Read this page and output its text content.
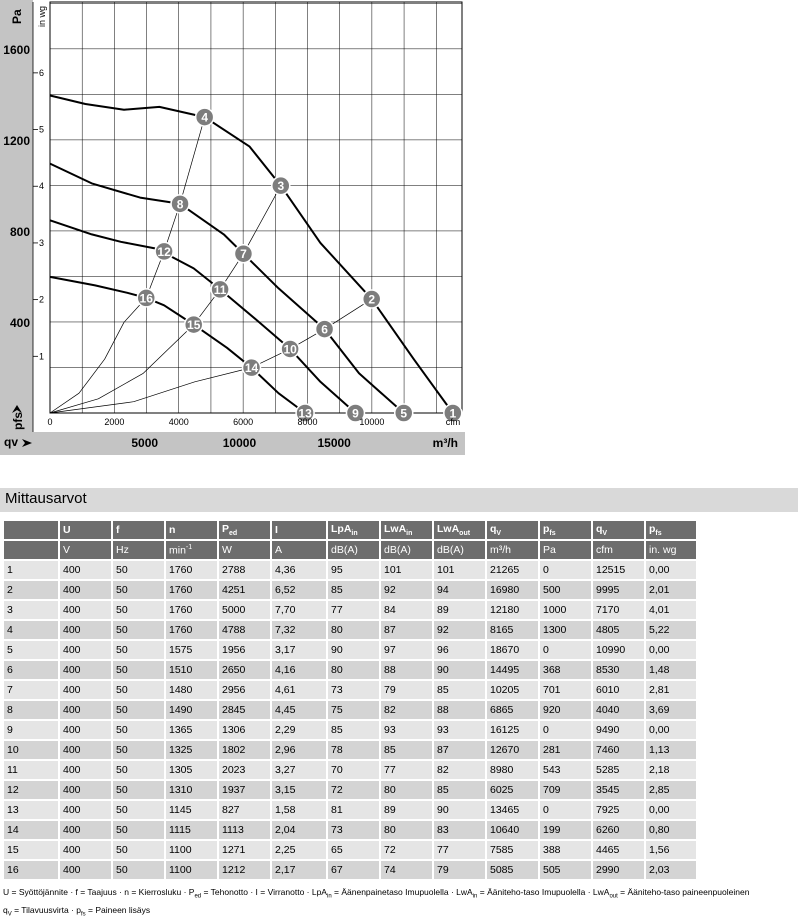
1
2
3
4
5
6
7
8
9
10
11
12
13
14
15
16
400
800
1200
1600
1
2
3
4
5
6
0	2000	4000	6000	8000	10000	cfm
5000	10000	15000	m³/h
Pa in wg
pfs
qv
Mittausarvot
	U	f	n	$P_{ed}$	I	LpA$_{in}$	LwA$_{in}$	LwA$_{out}$	$q_V$	$p_{fs}$	$q_V$	$p_{fs}$
	V	Hz	$\min^{-1}$	W	A	dB(A)	dB(A)	dB(A)	m³/h	Pa	cfm	in. wg
1	400	50	1760	2788	4,36	95	101	101	21265	0	12515	0,00
2	400	50	1760	4251	6,52	85	92	94	16980	500	9995	2,01
3	400	50	1760	5000	7,70	77	84	89	12180	1000	7170	4,01
4	400	50	1760	4788	7,32	80	87	92	8165	1300	4805	5,22
5	400	50	1575	1956	3,17	90	97	96	18670	0	10990	0,00
6	400	50	1510	2650	4,16	80	88	90	14495	368	8530	1,48
7	400	50	1480	2956	4,61	73	79	85	10205	701	6010	2,81
8	400	50	1490	2845	4,45	75	82	88	6865	920	4040	3,69
9	400	50	1365	1306	2,29	85	93	93	16125	0	9490	0,00
10	400	50	1325	1802	2,96	78	85	87	12670	281	7460	1,13
11	400	50	1305	2023	3,27	70	77	82	8980	543	5285	2,18
12	400	50	1310	1937	3,15	72	80	85	6025	709	3545	2,85
13	400	50	1145	827	1,58	81	89	90	13465	0	7925	0,00
14	400	50	1115	1113	2,04	73	80	83	10640	199	6260	0,80
15	400	50	1100	1271	2,25	65	72	77	7585	388	4465	1,56
16	400	50	1100	1212	2,17	67	74	79	5085	505	2990	2,03
U = Syöttöjännite · f = Taajuus · n = Kierrosluku · $P_{ed}$ = Tehonotto · I = Virranotto · LpA$_{in}$ = Äänenpainetaso Imupuolella · LwA$_{in}$ = Ääniteho-taso Imupuolella · LwA$_{out}$ = Ääniteho-taso paineenpuoleinen
$q_V$ = Tilavuusvirta · $p_{fs}$ = Paineen lisäys
